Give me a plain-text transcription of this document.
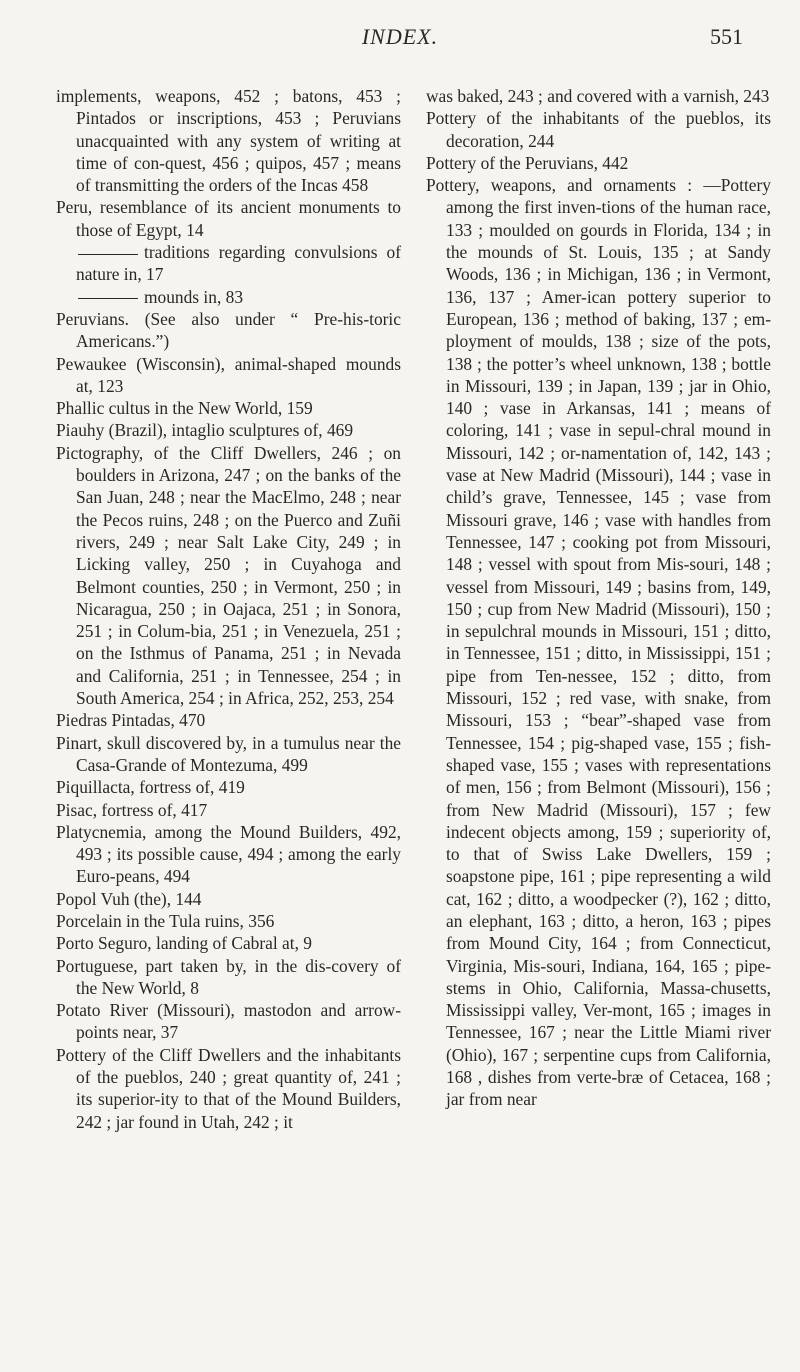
INDEX.	551

implements, weapons, 452 ; batons, 453 ; Pintados or inscriptions, 453 ; Peruvians unacquainted with any system of writing at time of con-quest, 456 ; quipos, 457 ; means of transmitting the orders of the Incas 458

Peru, resemblance of its ancient monuments to those of Egypt, 14

traditions regarding convulsions of nature in, 17

mounds in, 83

Peruvians. (See also under “ Pre-his-toric Americans.”)

Pewaukee (Wisconsin), animal-shaped mounds at, 123

Phallic cultus in the New World, 159

Piauhy (Brazil), intaglio sculptures of, 469

Pictography, of the Cliff Dwellers, 246 ; on boulders in Arizona, 247 ; on the banks of the San Juan, 248 ; near the MacElmo, 248 ; near the Pecos ruins, 248 ; on the Puerco and Zuñi rivers, 249 ; near Salt Lake City, 249 ; in Licking valley, 250 ; in Cuyahoga and Belmont counties, 250 ; in Vermont, 250 ; in Nicaragua, 250 ; in Oajaca, 251 ; in Sonora, 251 ; in Colum-bia, 251 ; in Venezuela, 251 ; on the Isthmus of Panama, 251 ; in Nevada and California, 251 ; in Tennessee, 254 ; in South America, 254 ; in Africa, 252, 253, 254

Piedras Pintadas, 470

Pinart, skull discovered by, in a tumulus near the Casa-Grande of Montezuma, 499

Piquillacta, fortress of, 419

Pisac, fortress of, 417

Platycnemia, among the Mound Builders, 492, 493 ; its possible cause, 494 ; among the early Euro-peans, 494

Popol Vuh (the), 144

Porcelain in the Tula ruins, 356

Porto Seguro, landing of Cabral at, 9

Portuguese, part taken by, in the dis-covery of the New World, 8

Potato River (Missouri), mastodon and arrow-points near, 37

Pottery of the Cliff Dwellers and the inhabitants of the pueblos, 240 ; great quantity of, 241 ; its superior-ity to that of the Mound Builders, 242 ; jar found in Utah, 242 ; it

was baked, 243 ; and covered with a varnish, 243

Pottery of the inhabitants of the pueblos, its decoration, 244

Pottery of the Peruvians, 442

Pottery, weapons, and ornaments : —Pottery among the first inven-tions of the human race, 133 ; moulded on gourds in Florida, 134 ; in the mounds of St. Louis, 135 ; at Sandy Woods, 136 ; in Michigan, 136 ; in Vermont, 136, 137 ; Amer-ican pottery superior to European, 136 ; method of baking, 137 ; em-ployment of moulds, 138 ; size of the pots, 138 ; the potter’s wheel unknown, 138 ; bottle in Missouri, 139 ; in Japan, 139 ; jar in Ohio, 140 ; vase in Arkansas, 141 ; means of coloring, 141 ; vase in sepul-chral mound in Missouri, 142 ; or-namentation of, 142, 143 ; vase at New Madrid (Missouri), 144 ; vase in child’s grave, Tennessee, 145 ; vase from Missouri grave, 146 ; vase with handles from Tennessee, 147 ; cooking pot from Missouri, 148 ; vessel with spout from Mis-souri, 148 ; vessel from Missouri, 149 ; basins from, 149, 150 ; cup from New Madrid (Missouri), 150 ; in sepulchral mounds in Missouri, 151 ; ditto, in Tennessee, 151 ; ditto, in Mississippi, 151 ; pipe from Ten-nessee, 152 ; ditto, from Missouri, 152 ; red vase, with snake, from Missouri, 153 ; “bear”-shaped vase from Tennessee, 154 ; pig-shaped vase, 155 ; fish-shaped vase, 155 ; vases with representations of men, 156 ; from Belmont (Missouri), 156 ; from New Madrid (Missouri), 157 ; few indecent objects among, 159 ; superiority of, to that of Swiss Lake Dwellers, 159 ; soapstone pipe, 161 ; pipe representing a wild cat, 162 ; ditto, a woodpecker (?), 162 ; ditto, an elephant, 163 ; ditto, a heron, 163 ; pipes from Mound City, 164 ; from Connecticut, Virginia, Mis-souri, Indiana, 164, 165 ; pipe-stems in Ohio, California, Massa-chusetts, Mississippi valley, Ver-mont, 165 ; images in Tennessee, 167 ; near the Little Miami river (Ohio), 167 ; serpentine cups from California, 168 , dishes from verte-bræ of Cetacea, 168 ; jar from near
